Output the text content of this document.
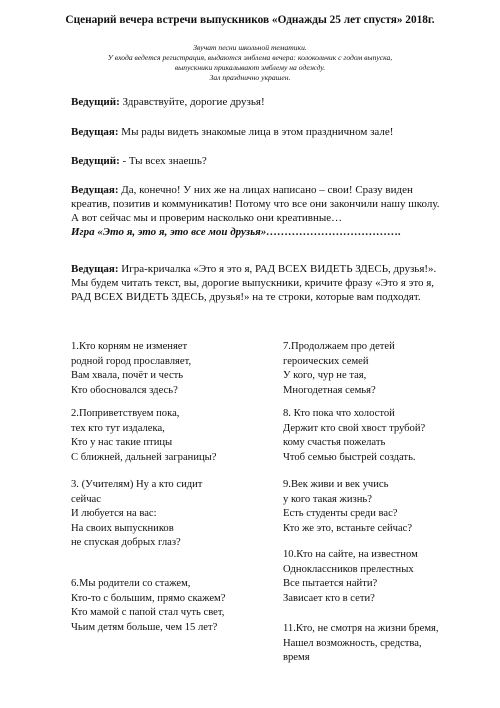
Сценарий вечера встречи выпускников «Однажды 25 лет спустя» 2018г.
Звучат песни школьной тематики.
У входа ведется регистрация, выдаются эмблема вечера: колокольчик с годом выпуска,
выпускники прикалывают эмблему на одежду.
Зал празднично украшен.
Ведущий: Здравствуйте, дорогие друзья!
Ведущая: Мы рады видеть знакомые лица в этом праздничном зале!
Ведущий: - Ты всех знаешь?
Ведущая: Да, конечно! У них же на лицах написано – свои! Сразу виден
креатив, позитив и коммуникатив! Потому что все они закончили нашу школу.
А вот сейчас мы и проверим насколько они креативные…
Игра «Это я, это я, это все мои друзья»……………………………….
Ведущая: Игра-кричалка «Это я это я, РАД ВСЕХ ВИДЕТЬ ЗДЕСЬ, друзья!».
Мы будем читать текст, вы, дорогие выпускники, кричите фразу «Это я это я,
РАД ВСЕХ ВИДЕТЬ ЗДЕСЬ, друзья!» на те строки, которые вам подходят.
1.Кто корням не изменяет
родной город прославляет,
Вам хвала, почёт и честь
Кто обосновался здесь?
2.Поприветствуем пока,
тех кто тут издалека,
Кто у нас такие птицы
С ближней, дальней заграницы?
3. (Учителям) Ну а кто сидит
сейчас
И любуется на вас:
На своих выпускников
не спуская добрых глаз?
6.Мы родители со стажем,
Кто-то с большим, прямо скажем?
Кто мамой с папой стал чуть свет,
Чьим детям больше, чем 15 лет?
7.Продолжаем про детей
героических семей
У кого, чур не тая,
Многодетная семья?
8. Кто пока что холостой
Держит кто свой хвост трубой?
кому счастья пожелать
Чтоб семью быстрей создать.
9.Век живи и век учись
у кого такая жизнь?
Есть студенты среди вас?
Кто же это, встаньте сейчас?
10.Кто на сайте, на известном
Одноклассников прелестных
Все пытается найти?
Зависает кто в сети?
11.Кто, не смотря на жизни бремя,
Нашел возможность, средства,
время
